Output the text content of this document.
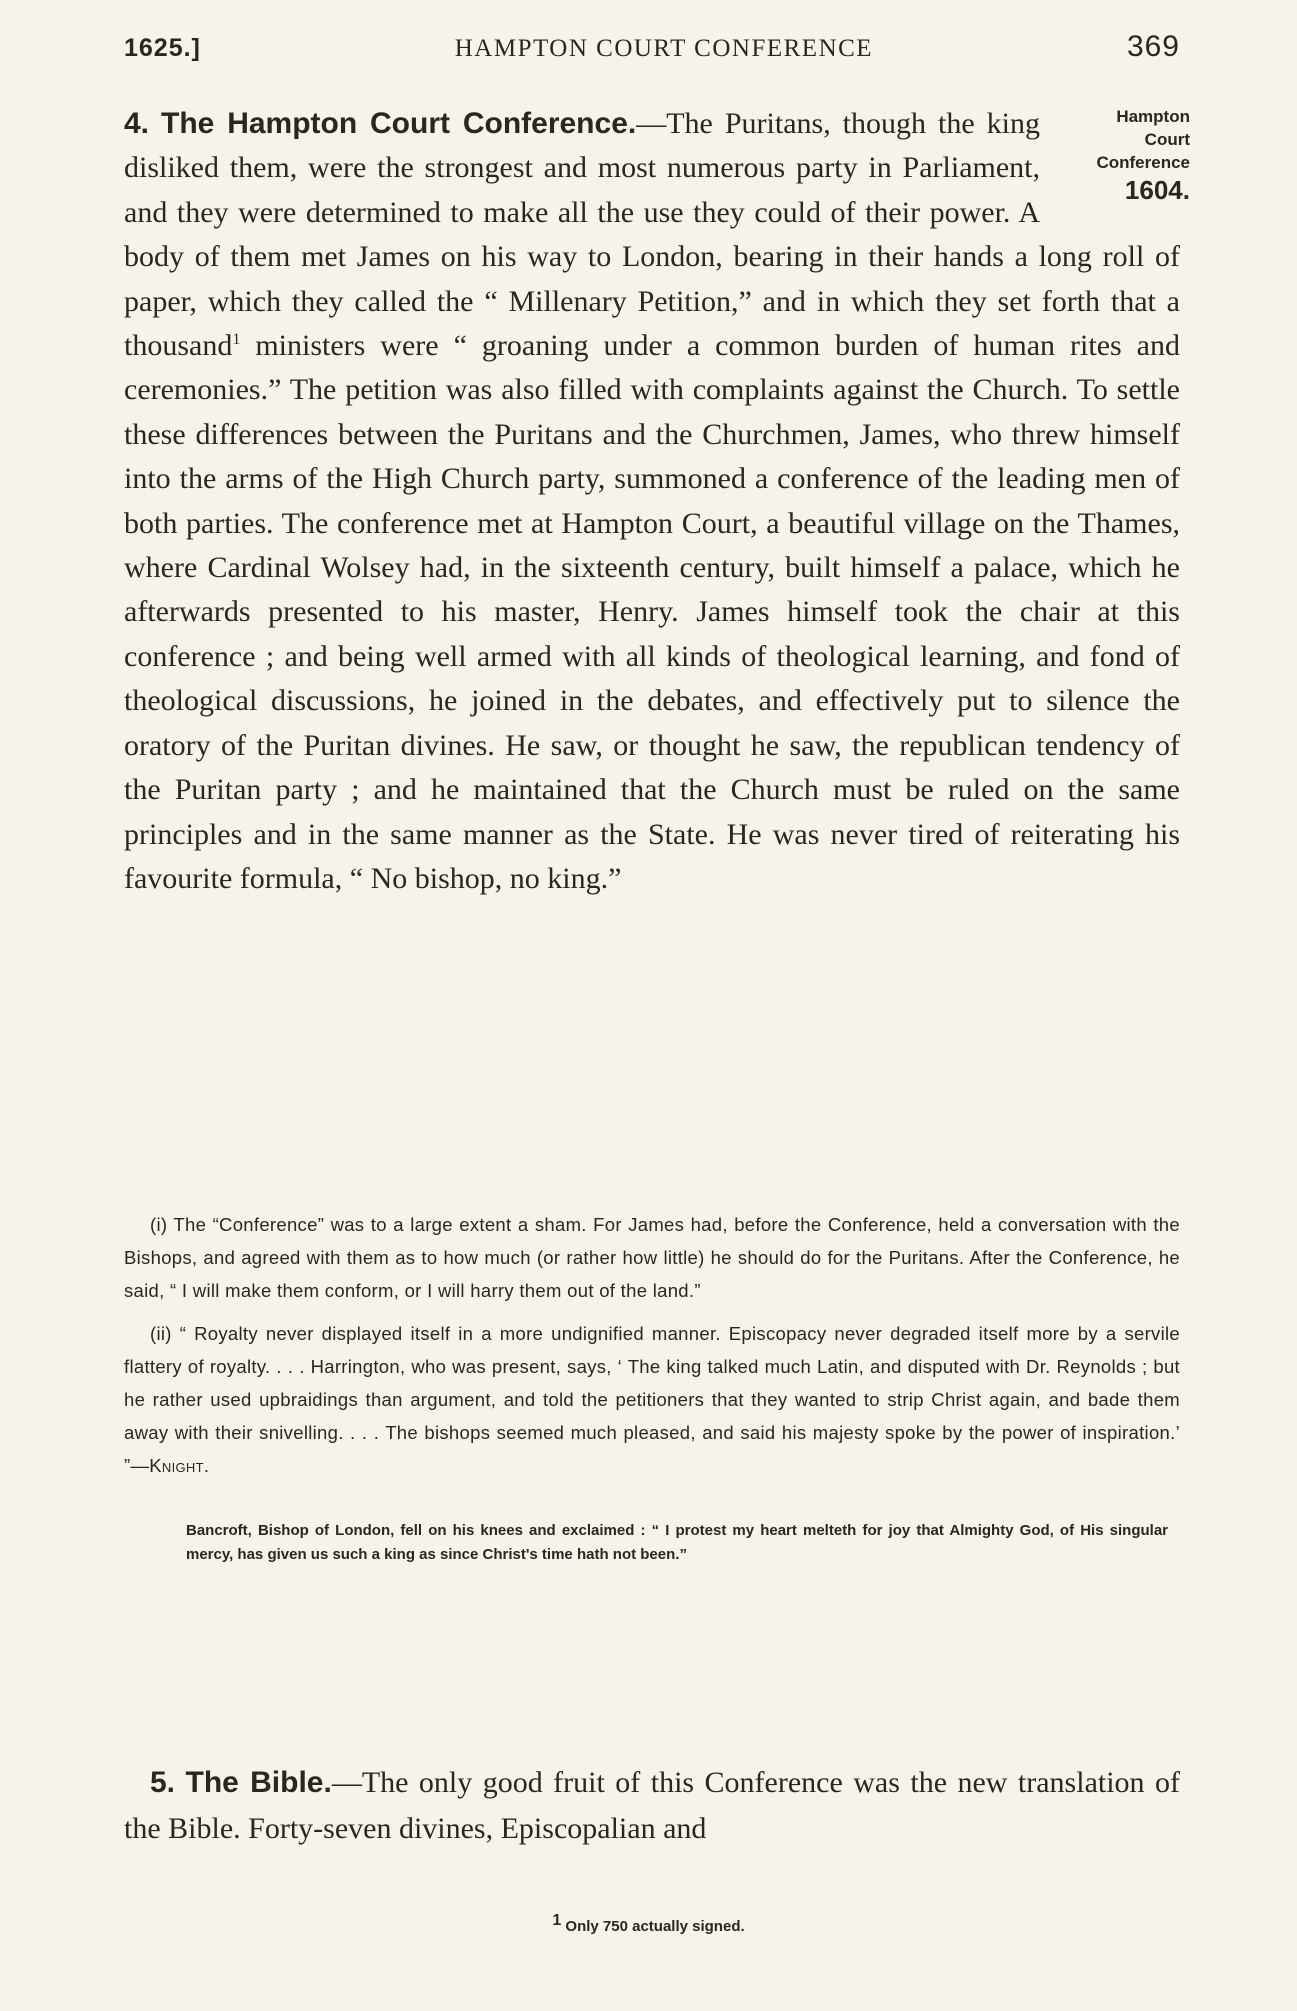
1625.]	HAMPTON COURT CONFERENCE	369
Hampton
Court
Conference
1604.
4. The Hampton Court Conference.—The Puritans, though the king disliked them, were the strongest and most numerous party in Parliament, and they were determined to make all the use they could of their power. A body of them met James on his way to London, bearing in their hands a long roll of paper, which they called the “ Millenary Petition,” and in which they set forth that a thousand$^1$ ministers were “ groaning under a common burden of human rites and ceremonies.” The petition was also filled with complaints against the Church. To settle these differences between the Puritans and the Churchmen, James, who threw himself into the arms of the High Church party, summoned a conference of the leading men of both parties. The conference met at Hampton Court, a beautiful village on the Thames, where Cardinal Wolsey had, in the sixteenth century, built himself a palace, which he afterwards presented to his master, Henry. James himself took the chair at this conference ; and being well armed with all kinds of theological learning, and fond of theological discussions, he joined in the debates, and effectively put to silence the oratory of the Puritan divines. He saw, or thought he saw, the republican tendency of the Puritan party ; and he maintained that the Church must be ruled on the same principles and in the same manner as the State. He was never tired of reiterating his favourite formula, “ No bishop, no king.”

(i) The “Conference” was to a large extent a sham. For James had, before the Conference, held a conversation with the Bishops, and agreed with them as to how much (or rather how little) he should do for the Puritans. After the Conference, he said, “ I will make them conform, or I will harry them out of the land.”

(ii) “ Royalty never displayed itself in a more undignified manner. Episcopacy never degraded itself more by a servile flattery of royalty. . . . Harrington, who was present, says, ‘ The king talked much Latin, and disputed with Dr. Reynolds ; but he rather used upbraidings than argument, and told the petitioners that they wanted to strip Christ again, and bade them away with their snivelling. . . . The bishops seemed much pleased, and said his majesty spoke by the power of inspiration.’ ”—Knight.

Bancroft, Bishop of London, fell on his knees and exclaimed : “ I protest my heart melteth for joy that Almighty God, of His singular mercy, has given us such a king as since Christ's time hath not been.”

5. The Bible.—The only good fruit of this Conference was the new translation of the Bible. Forty-seven divines, Episcopalian and

$^1$ Only 750 actually signed.
